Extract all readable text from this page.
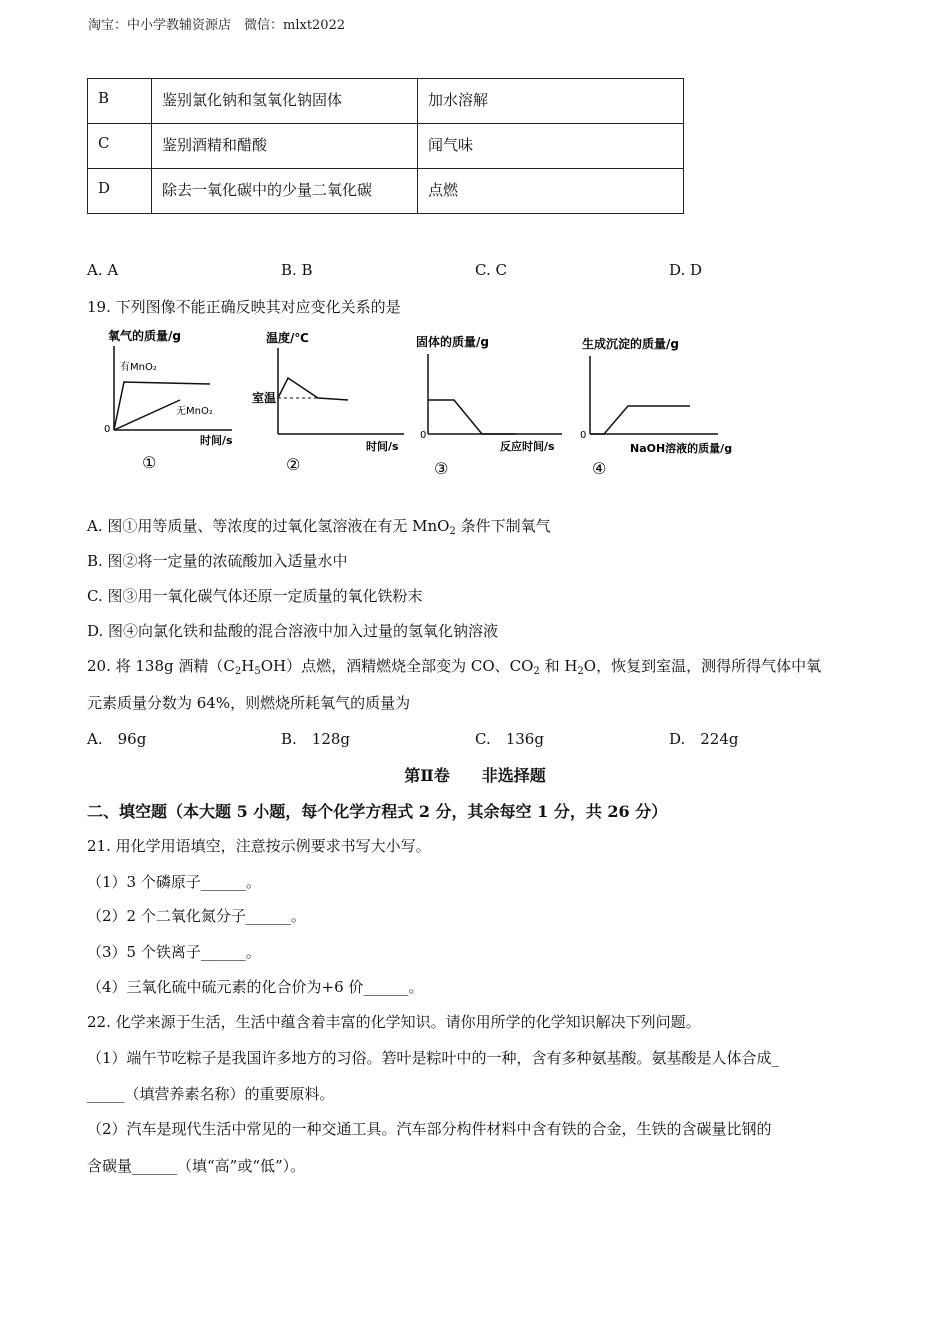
淘宝：中小学教辅资源店　微信：mlxt2022
B	鉴别氯化钠和氢氧化钠固体	加水溶解
C	鉴别酒精和醋酸	闻气味
D	除去一氧化碳中的少量二氧化碳	点燃
A. A	B. B	C. C	D. D
19. 下列图像不能正确反映其对应变化关系的是
氧气的质量/g
有MnO₂
无MnO₂
0
时间/s
①
温度/℃
室温
时间/s
②
固体的质量/g
0
反应时间/s
③
生成沉淀的质量/g
0
NaOH溶液的质量/g
④
A. 图①用等质量、等浓度的过氧化氢溶液在有无 MnO$_2$ 条件下制氧气
B. 图②将一定量的浓硫酸加入适量水中
C. 图③用一氧化碳气体还原一定质量的氧化铁粉末
D. 图④向氯化铁和盐酸的混合溶液中加入过量的氢氧化钠溶液
20. 将 138g 酒精$(C_2H_5OH)$点燃，酒精燃烧全部变为 CO、$CO_2$ 和 $H_2O$，恢复到室温，测得所得气体中氧
元素质量分数为 64%，则燃烧所耗氧气的质量为
A.　96g	B.　128g	C.　136g	D.　224g
第Ⅱ卷　　非选择题
二、填空题（本大题 5 小题，每个化学方程式 2 分，其余每空 1 分，共 26 分）
21. 用化学用语填空，注意按示例要求书写大小写。
（1）3 个磷原子______。
（2）2 个二氧化氮分子______。
（3）5 个铁离子______。
（4）三氧化硫中硫元素的化合价为+6 价______。
22. 化学来源于生活，生活中蕴含着丰富的化学知识。请你用所学的化学知识解决下列问题。
（1）端午节吃粽子是我国许多地方的习俗。箬叶是粽叶中的一种，含有多种氨基酸。氨基酸是人体合成_
_____（填营养素名称）的重要原料。
（2）汽车是现代生活中常见的一种交通工具。汽车部分构件材料中含有铁的合金，生铁的含碳量比钢的
含碳量______（填“高”或“低”）。
